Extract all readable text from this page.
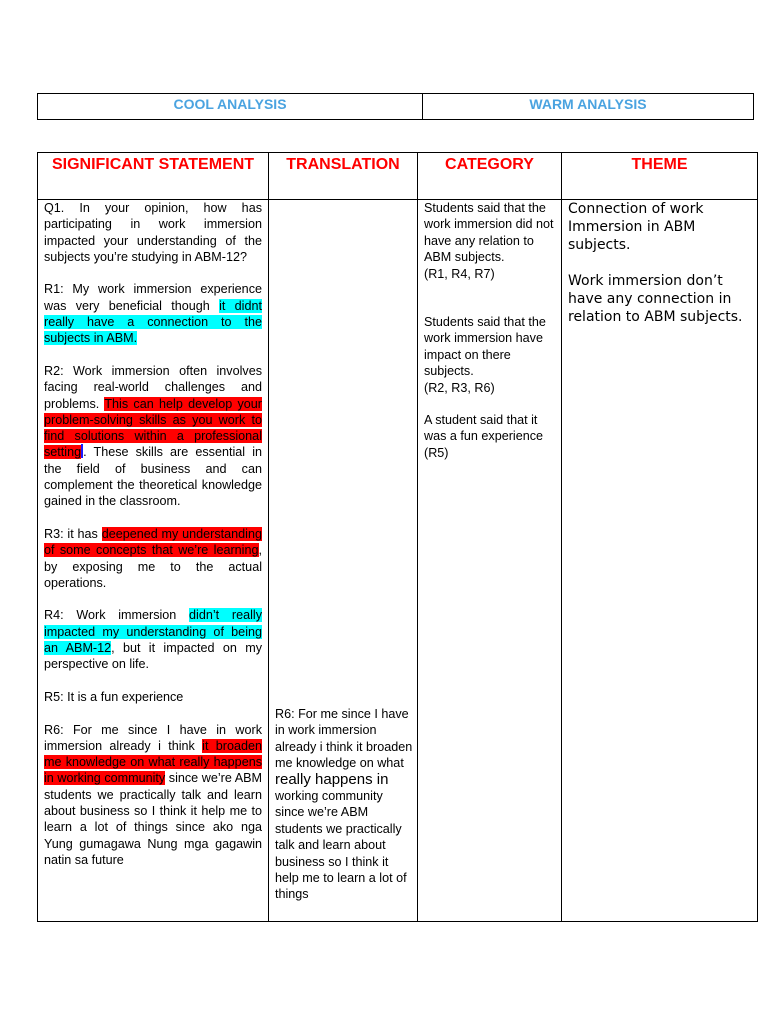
COOL ANALYSIS	WARM ANALYSIS
SIGNIFICANT STATEMENT

Q1. In your opinion, how has participating in work immersion impacted your understanding of the subjects you’re studying in ABM-12?

R1: My work immersion experience was very beneficial though it didnt really have a connection to the subjects in ABM.

R2: Work immersion often involves facing real-world challenges and problems. This can help develop your problem-solving skills as you work to find solutions within a professional setting . These skills are essential in the field of business and can complement the theoretical knowledge gained in the classroom.

R3: it has deepened my understanding of some concepts that we’re learning, by exposing me to the actual operations.

R4: Work immersion didn’t really impacted my understanding of being an ABM-12, but it impacted on my perspective on life.

R5: It is a fun experience

R6: For me since I have in work immersion already i think it broaden me knowledge on what really happens in working community since we’re ABM students we practically talk and learn about business so I think it help me to learn a lot of things since ako nga Yung gumagawa Nung mga gagawin natin sa future

TRANSLATION
R6: For me since I have in work immersion already i think it broaden me knowledge on what really happens in working community since we’re ABM students we practically talk and learn about business so I think it help me to learn a lot of things
CATEGORY

Students said that the work immersion did not have any relation to ABM subjects.

(R1, R4, R7)

Students said that the work immersion have impact on there subjects.

(R2, R3, R6)

A student said that it was a fun experience

(R5)

THEME

Connection of work Immersion in ABM subjects.

Work immersion don’t have any connection in relation to ABM subjects.
